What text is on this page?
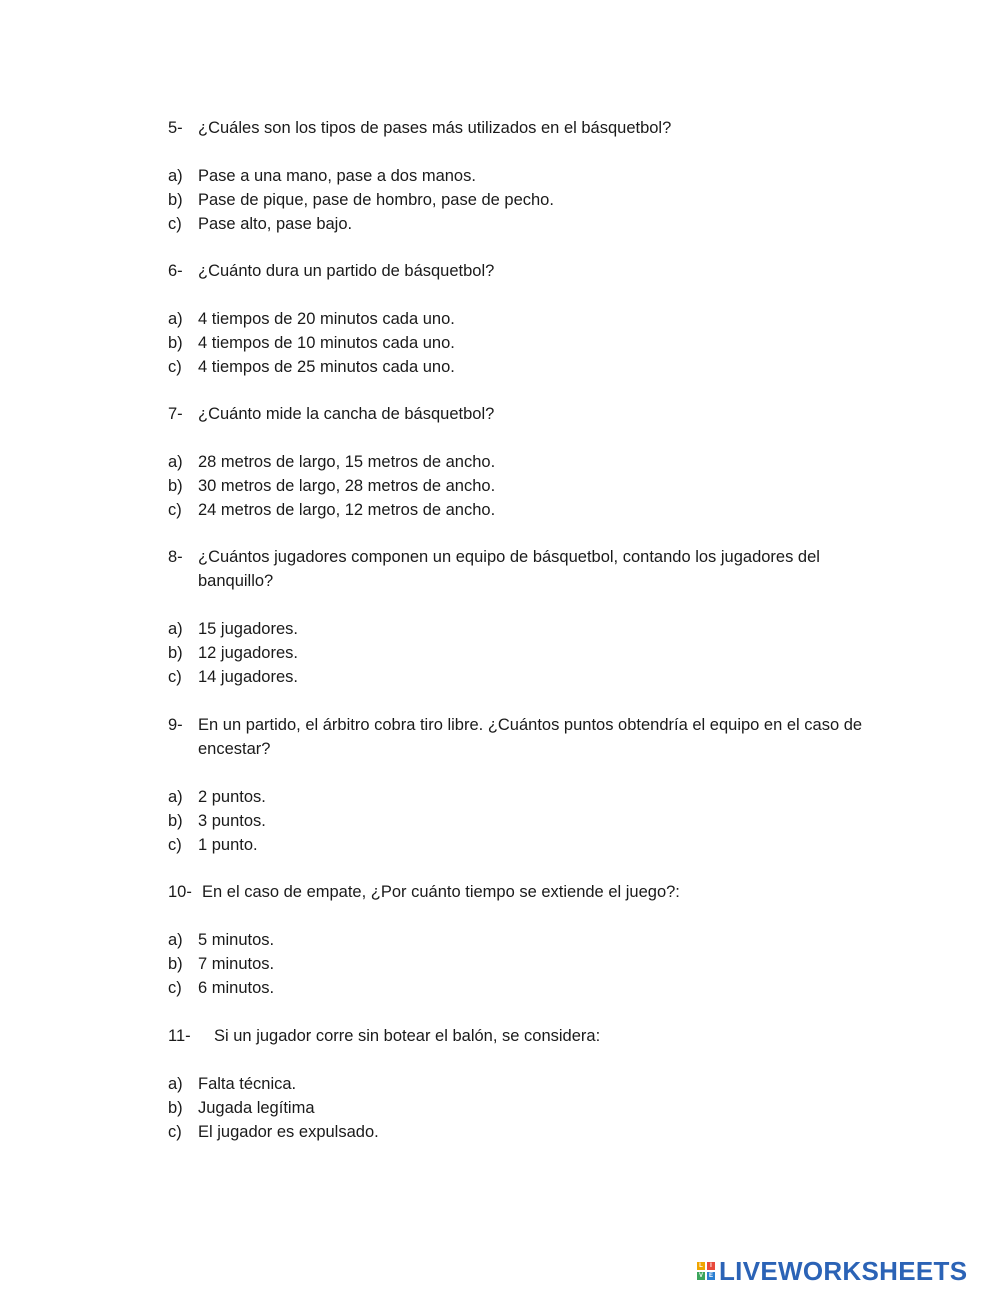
5- ¿Cuáles son los tipos de pases más utilizados en el básquetbol?
a) Pase a una mano, pase a dos manos.
b) Pase de pique, pase de hombro, pase de pecho.
c) Pase alto, pase bajo.
6- ¿Cuánto dura un partido de básquetbol?
a) 4 tiempos de 20 minutos cada uno.
b) 4 tiempos de 10 minutos cada uno.
c) 4 tiempos de 25 minutos cada uno.
7- ¿Cuánto mide la cancha de básquetbol?
a) 28 metros de largo, 15 metros de ancho.
b) 30 metros de largo, 28 metros de ancho.
c) 24 metros de largo, 12 metros de ancho.
8- ¿Cuántos jugadores componen un equipo de básquetbol, contando los jugadores del banquillo?
a) 15 jugadores.
b) 12 jugadores.
c) 14 jugadores.
9- En un partido, el árbitro cobra tiro libre. ¿Cuántos puntos obtendría el equipo en el caso de encestar?
a) 2 puntos.
b) 3 puntos.
c) 1 punto.
10- En el caso de empate, ¿Por cuánto tiempo se extiende el juego?:
a) 5 minutos.
b) 7 minutos.
c) 6 minutos.
11- Si un jugador corre sin botear el balón, se considera:
a) Falta técnica.
b) Jugada legítima
c) El jugador es expulsado.
L	I
V E LIVEWORKSHEETS
